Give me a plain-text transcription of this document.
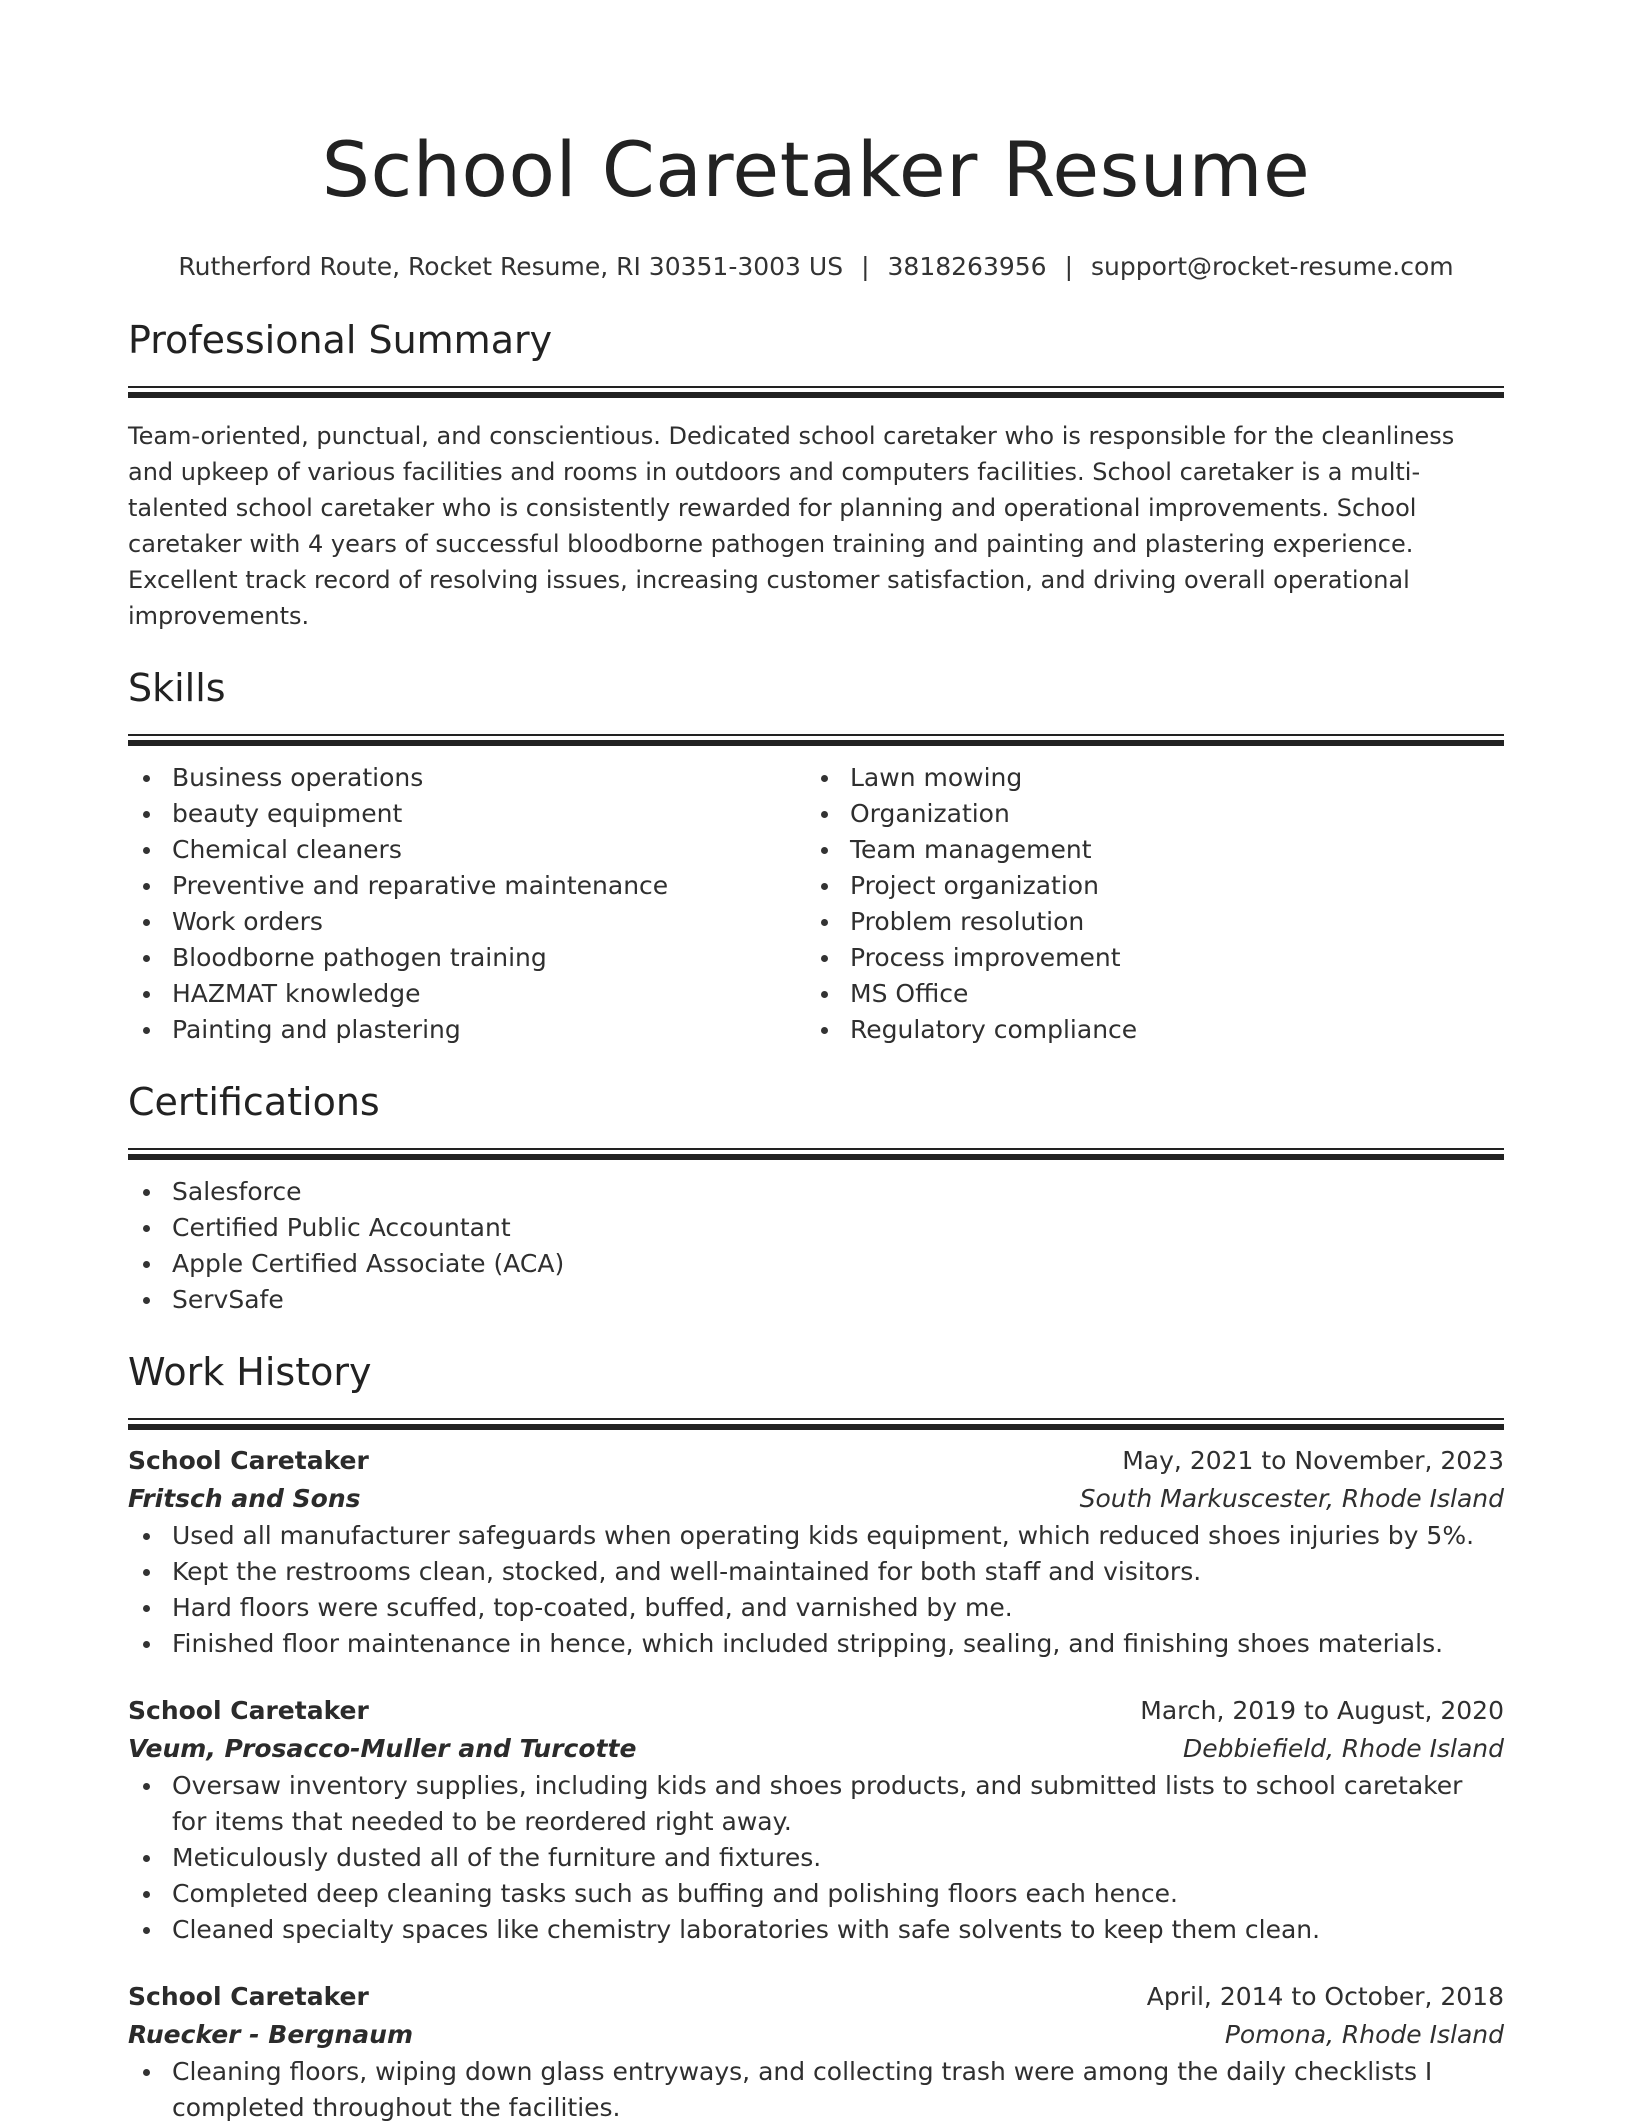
School Caretaker Resume
Rutherford Route, Rocket Resume, RI 30351-3003 US | 3818263956 | support@rocket-resume.com
Professional Summary

Team-oriented, punctual, and conscientious. Dedicated school caretaker who is responsible for the cleanliness and upkeep of various facilities and rooms in outdoors and computers facilities. School caretaker is a multi-talented school caretaker who is consistently rewarded for planning and operational improvements. School caretaker with 4 years of successful bloodborne pathogen training and painting and plastering experience. Excellent track record of resolving issues, increasing customer satisfaction, and driving overall operational improvements.

Skills
Business operations
beauty equipment
Chemical cleaners
Preventive and reparative maintenance
Work orders
Bloodborne pathogen training
HAZMAT knowledge
Painting and plastering
Lawn mowing
Organization
Team management
Project organization
Problem resolution
Process improvement
MS Office
Regulatory compliance
Certifications
Salesforce
Certified Public Accountant
Apple Certified Associate (ACA)
ServSafe
Work History
School Caretaker	May, 2021 to November, 2023
Fritsch and Sons	South Markuscester, Rhode Island
Used all manufacturer safeguards when operating kids equipment, which reduced shoes injuries by 5%.
Kept the restrooms clean, stocked, and well-maintained for both staff and visitors.
Hard floors were scuffed, top-coated, buffed, and varnished by me.
Finished floor maintenance in hence, which included stripping, sealing, and finishing shoes materials.
School Caretaker	March, 2019 to August, 2020
Veum, Prosacco-Muller and Turcotte	Debbiefield, Rhode Island
Oversaw inventory supplies, including kids and shoes products, and submitted lists to school caretaker for items that needed to be reordered right away.
Meticulously dusted all of the furniture and fixtures.
Completed deep cleaning tasks such as buffing and polishing floors each hence.
Cleaned specialty spaces like chemistry laboratories with safe solvents to keep them clean.
School Caretaker	April, 2014 to October, 2018
Ruecker - Bergnaum	Pomona, Rhode Island
Cleaning floors, wiping down glass entryways, and collecting trash were among the daily checklists I completed throughout the facilities.
